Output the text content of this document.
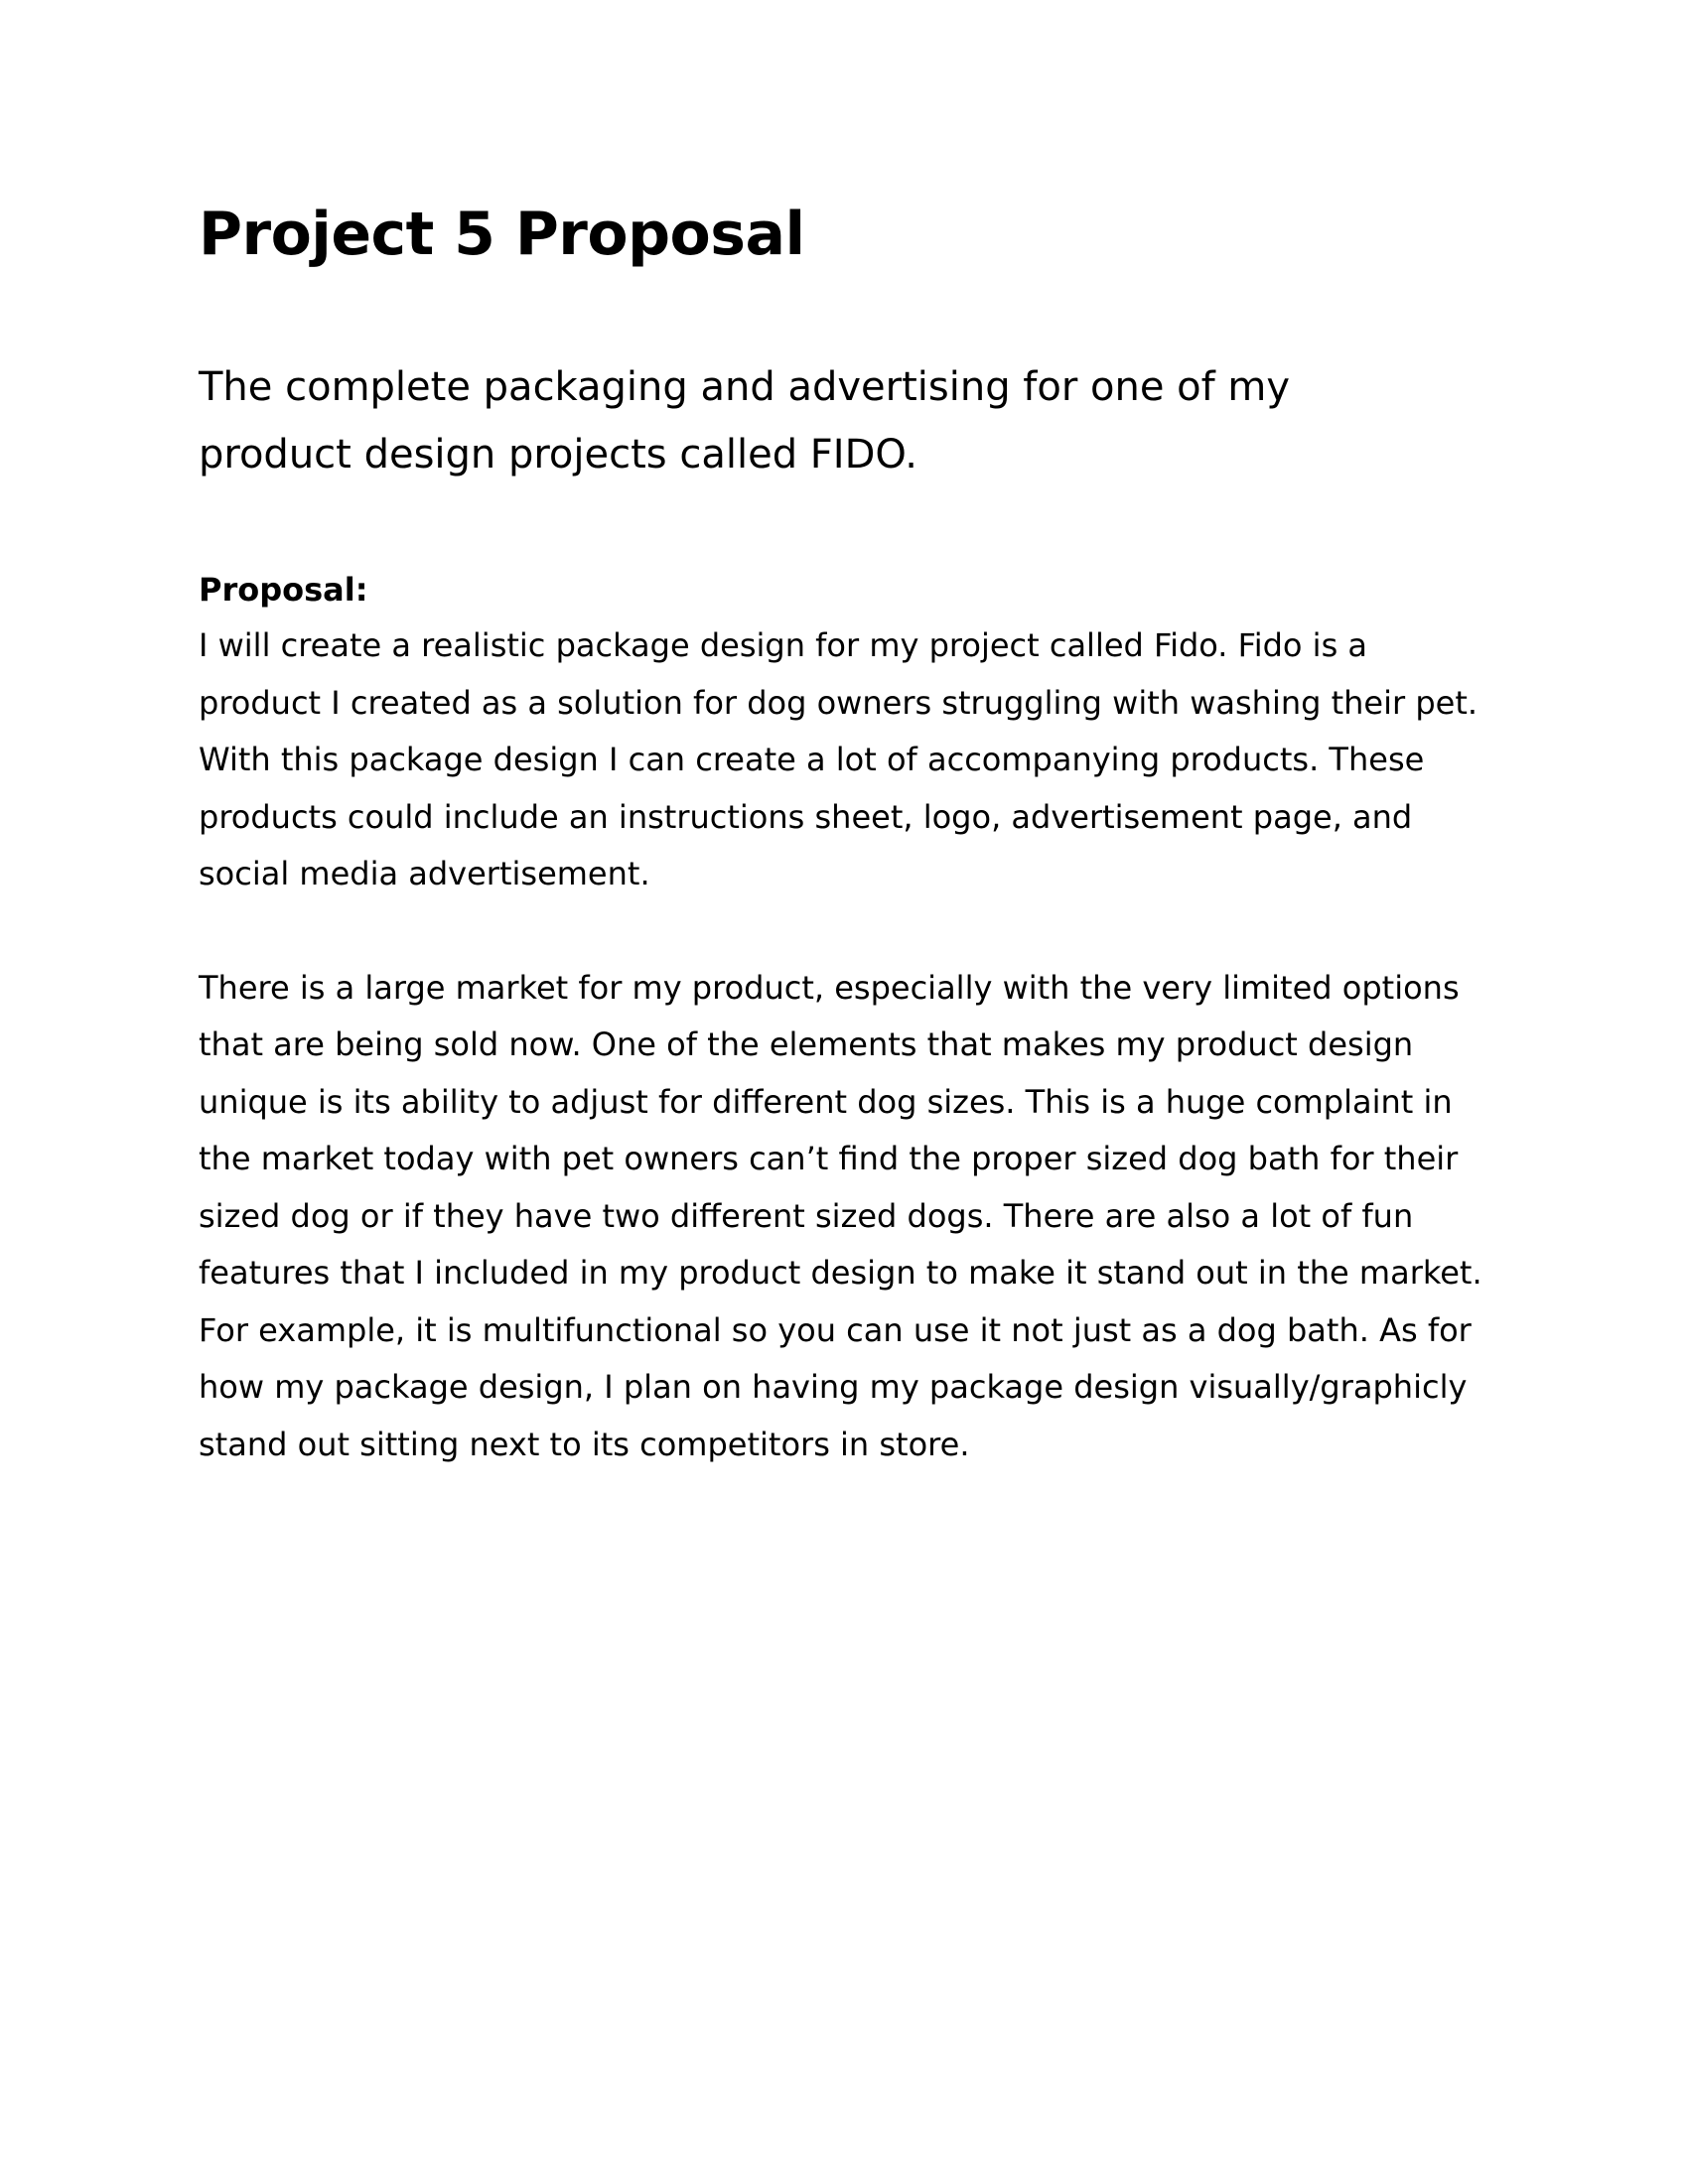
Project 5 Proposal

The complete packaging and advertising for one of my product design projects called FIDO.

Proposal:

I will create a realistic package design for my project called Fido. Fido is a product I created as a solution for dog owners struggling with washing their pet. With this package design I can create a lot of accompanying products. These products could include an instructions sheet, logo, advertisement page, and social media advertisement.

There is a large market for my product, especially with the very limited options that are being sold now. One of the elements that makes my product design unique is its ability to adjust for different dog sizes. This is a huge complaint in the market today with pet owners can’t find the proper sized dog bath for their sized dog or if they have two different sized dogs. There are also a lot of fun features that I included in my product design to make it stand out in the market. For example, it is multifunctional so you can use it not just as a dog bath. As for how my package design, I plan on having my package design visually/graphicly stand out sitting next to its competitors in store.
